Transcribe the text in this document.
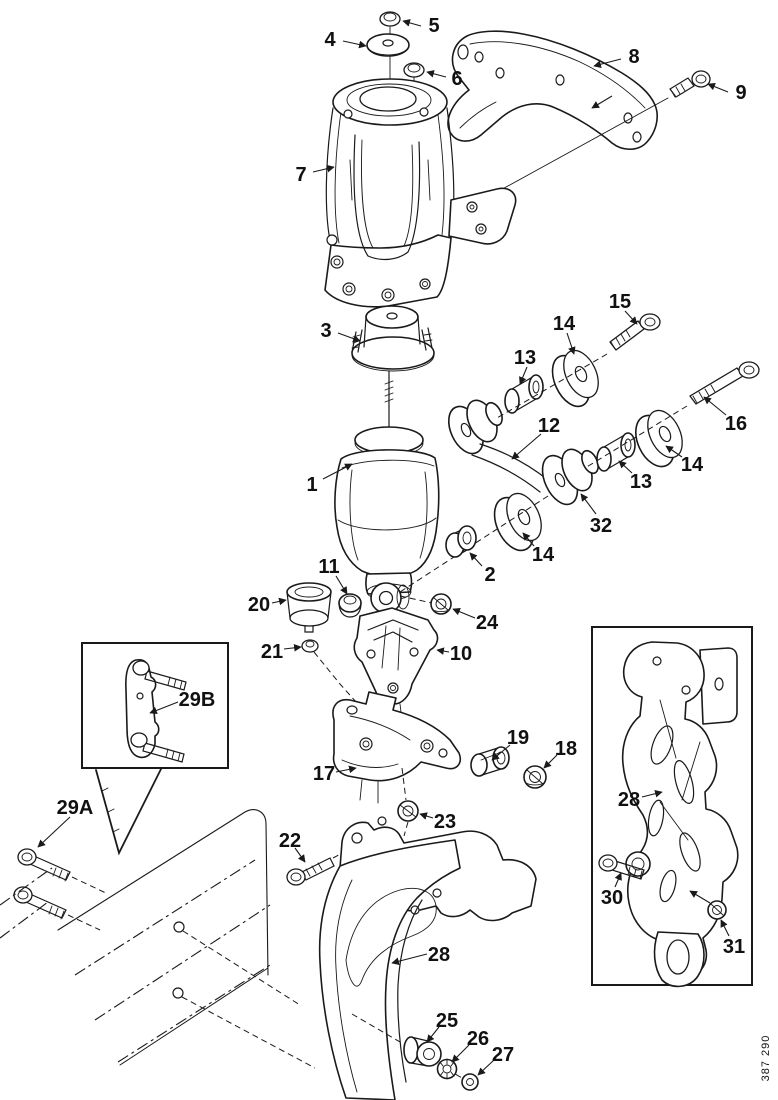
5
4
6
8
9
7
3
15
14
13
12	16
14
13
32
1
14
2
11
20
21
24
10
29B
17
19 18
23
29A
22
28
25
26
27
28
30
31
387 290
